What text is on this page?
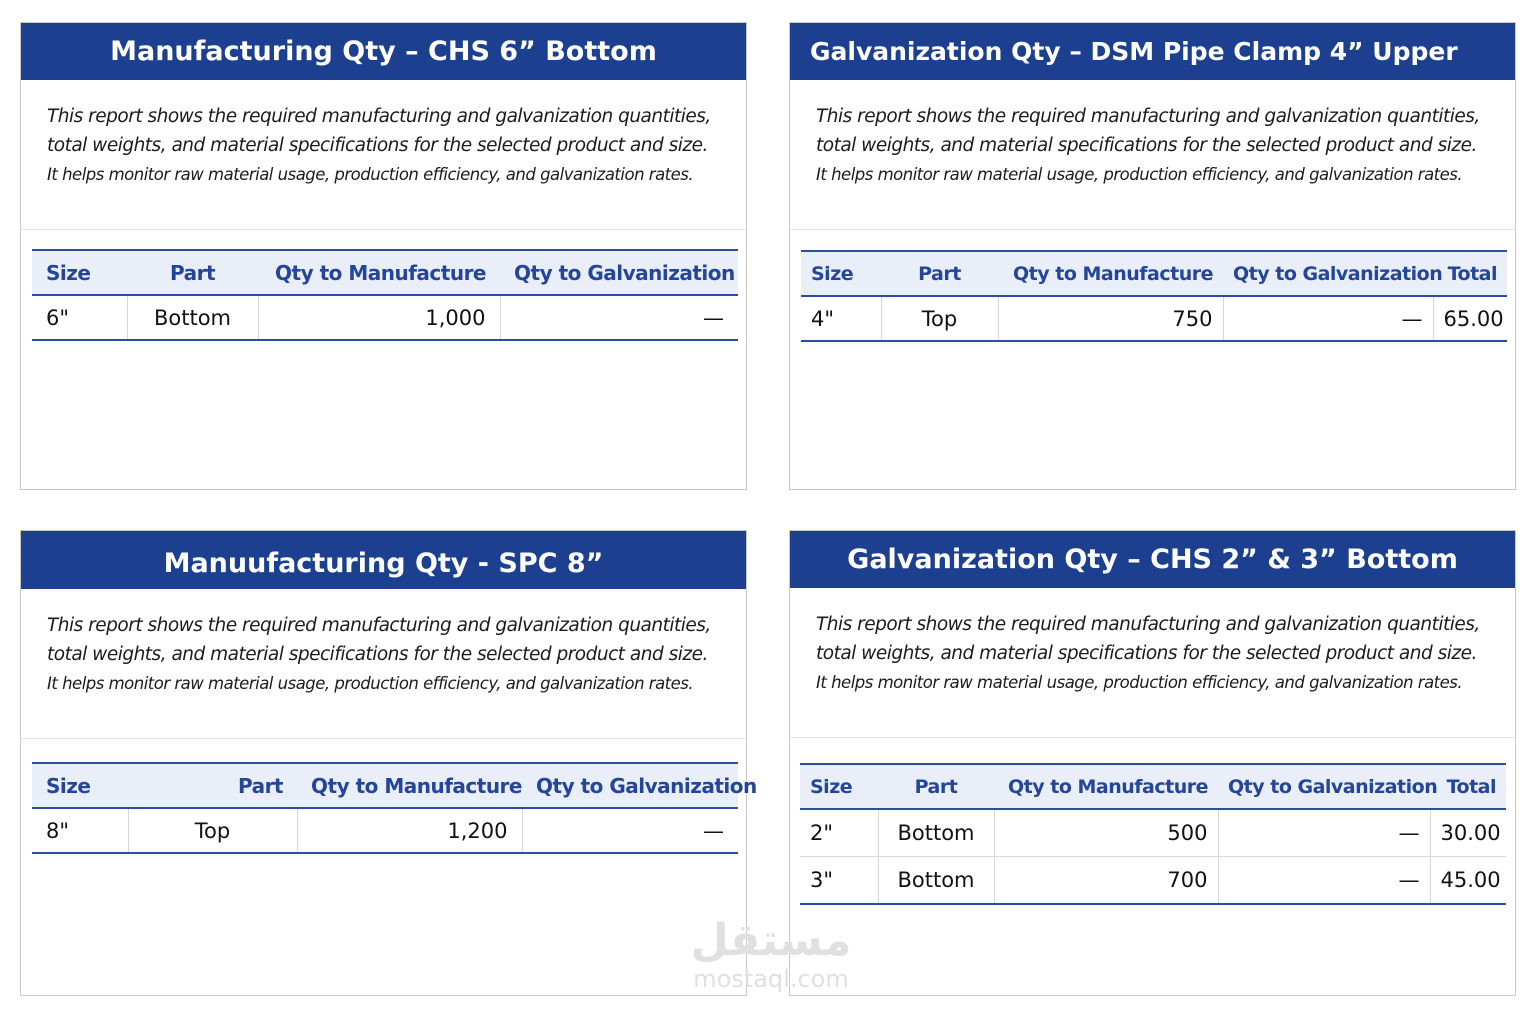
Manufacturing Qty – CHS 6” Bottom

This report shows the required manufacturing and galvanization quantities,

total weights, and material specifications for the selected product and size.

It helps monitor raw material usage, production efficiency, and galvanization rates.

Size	Part	Qty to Manufacture	Qty to Galvanization
6"	Bottom	1,000	—
Galvanization Qty – DSM Pipe Clamp 4” Upper

This report shows the required manufacturing and galvanization quantities,

total weights, and material specifications for the selected product and size.

It helps monitor raw material usage, production efficiency, and galvanization rates.

Size	Part	Qty to Manufacture	Qty to Galvanization	Total
4"	Top	750	—	65.00
Manuufacturing Qty - SPC 8”

This report shows the required manufacturing and galvanization quantities,

total weights, and material specifications for the selected product and size.

It helps monitor raw material usage, production efficiency, and galvanization rates.

Size	Part	Qty to Manufacture	Qty to Galvanization
8"	Top	1,200	—
Galvanization Qty – CHS 2” & 3” Bottom

This report shows the required manufacturing and galvanization quantities,

total weights, and material specifications for the selected product and size.

It helps monitor raw material usage, production efficiency, and galvanization rates.

Size	Part	Qty to Manufacture	Qty to Galvanization	Total
2"	Bottom	500	—	30.00
3"	Bottom	700	—	45.00
مستقل
mostaql.com
